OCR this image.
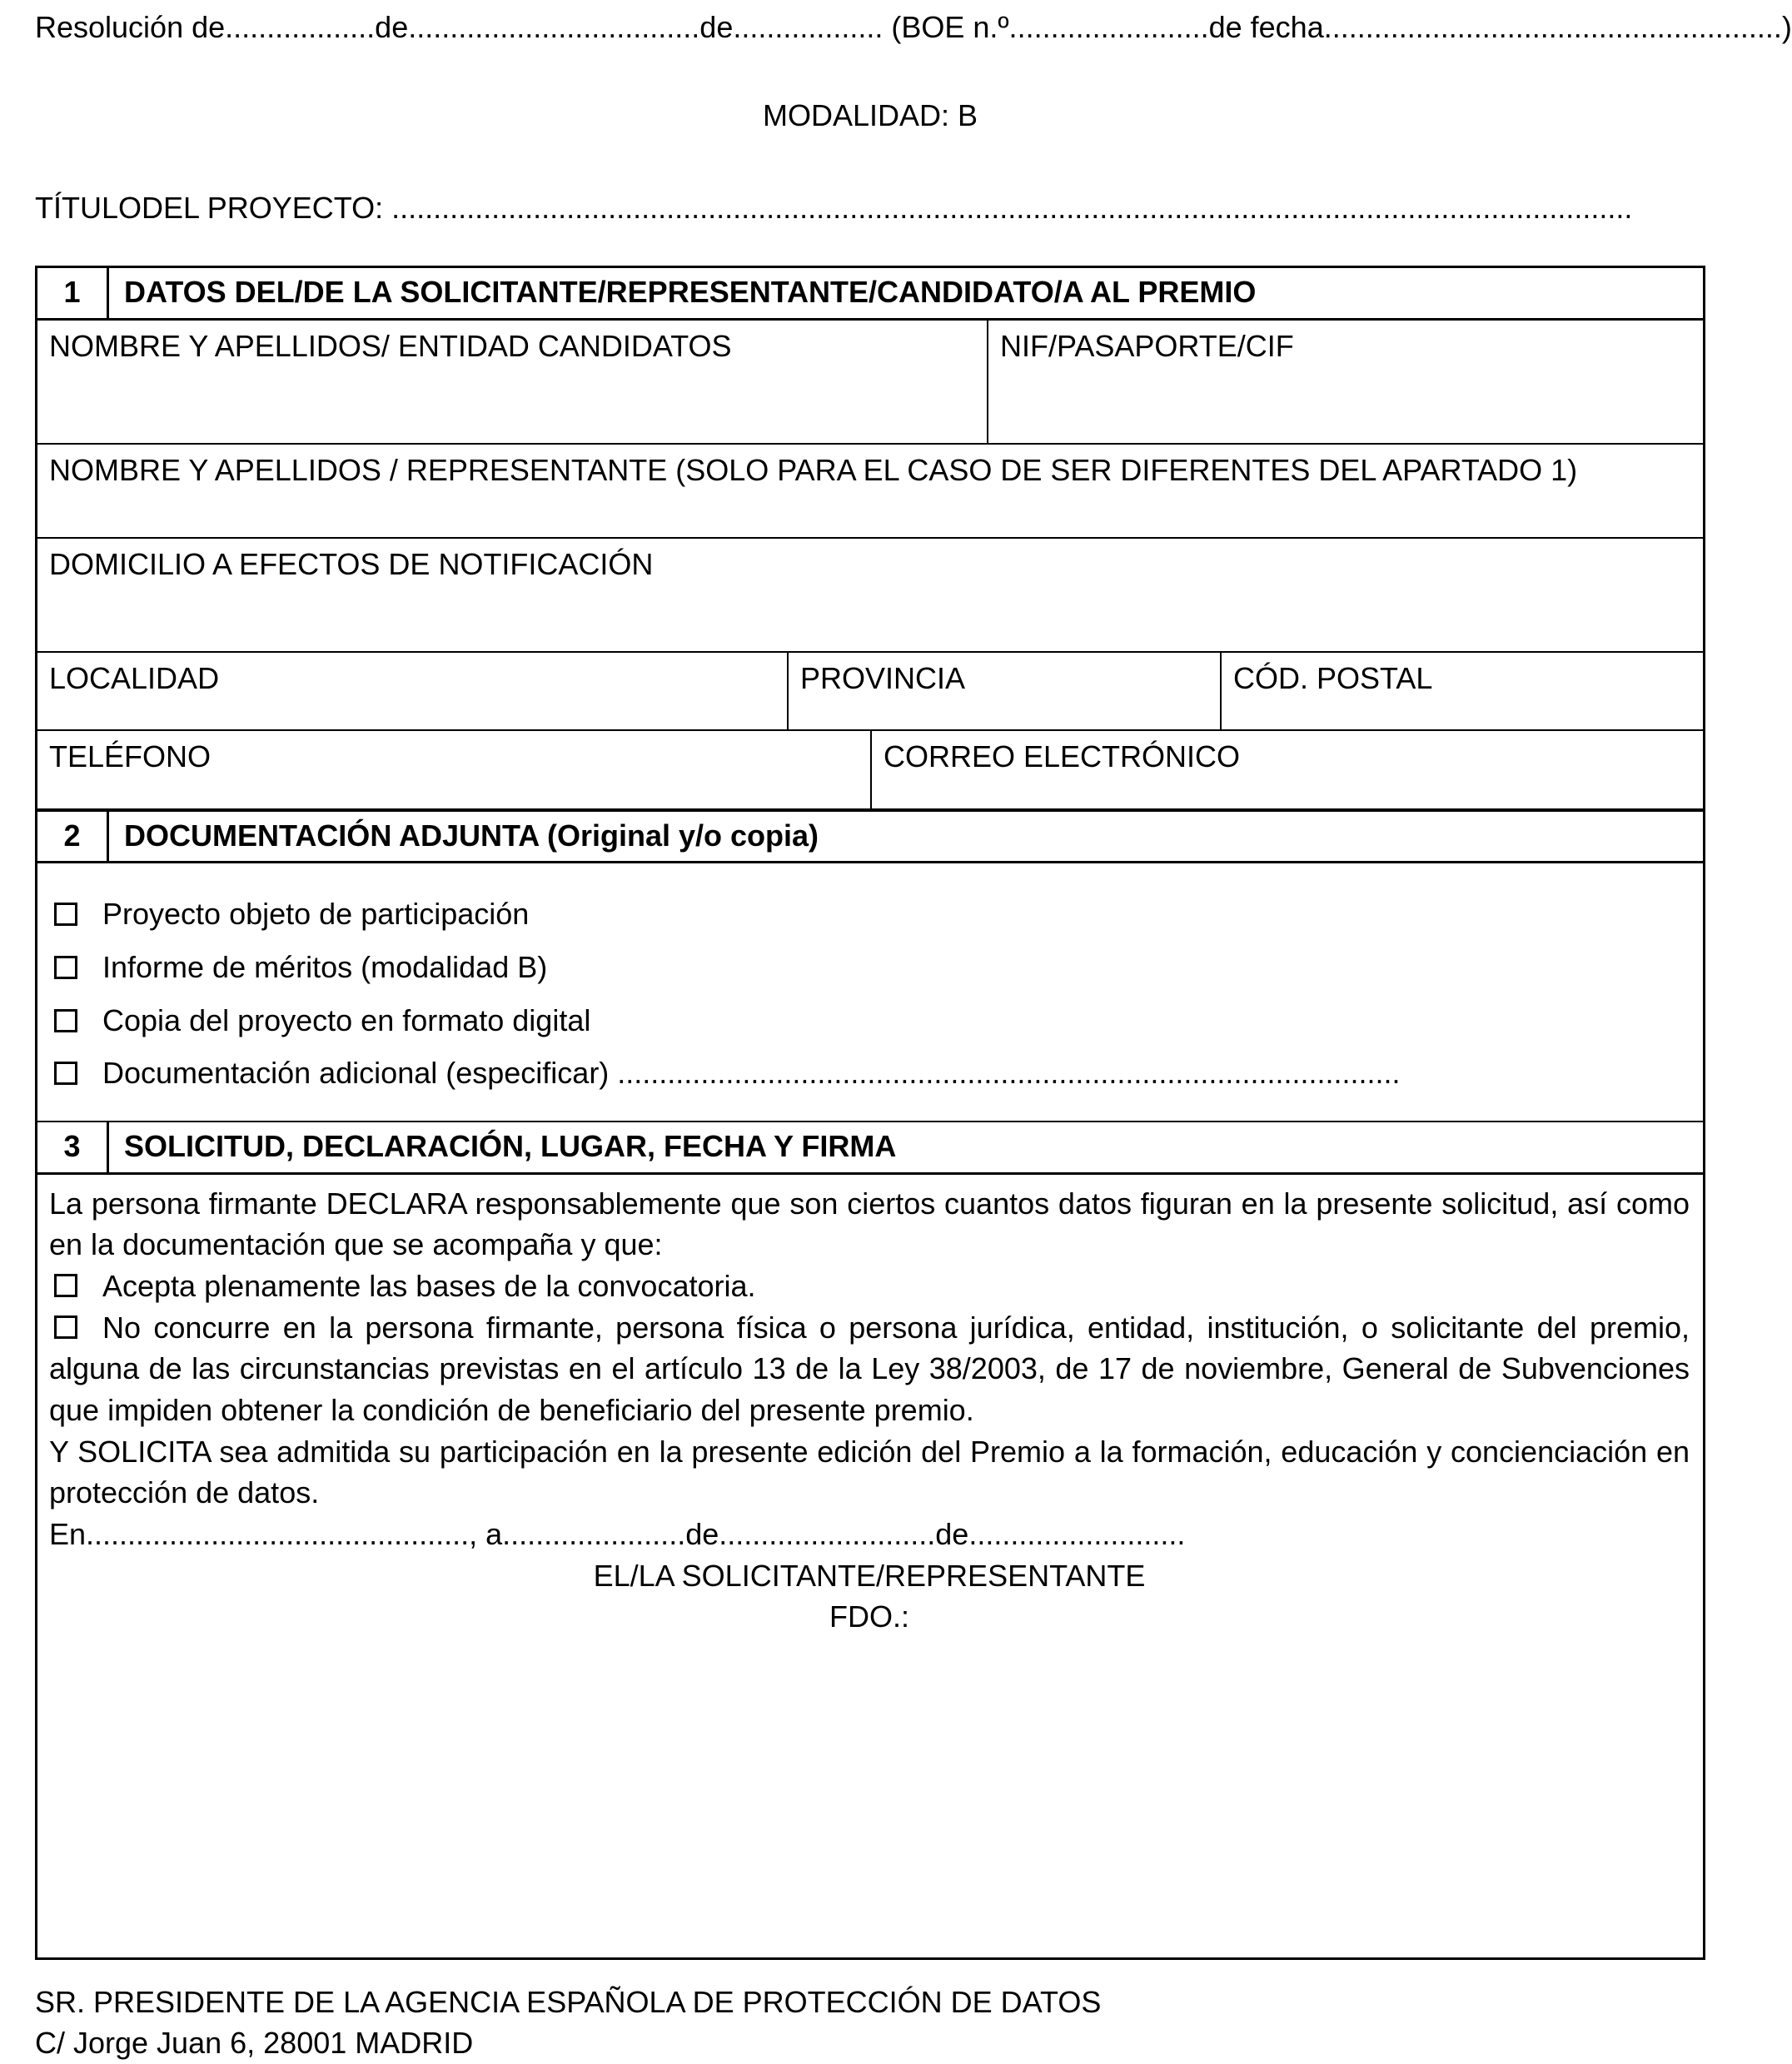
Resolución de..................de...................................de.................. (BOE n.º........................de fecha.......................................................)
MODALIDAD: B
TÍTULODEL PROYECTO: .....................................................................................................................................................
1	DATOS DEL/DE LA SOLICITANTE/REPRESENTANTE/CANDIDATO/A AL PREMIO
NOMBRE Y APELLIDOS/ ENTIDAD CANDIDATOS	NIF/PASAPORTE/CIF
NOMBRE Y APELLIDOS / REPRESENTANTE (SOLO PARA EL CASO DE SER DIFERENTES DEL APARTADO 1)
DOMICILIO A EFECTOS DE NOTIFICACIÓN
LOCALIDAD	PROVINCIA	CÓD. POSTAL
TELÉFONO	CORREO ELECTRÓNICO
2	DOCUMENTACIÓN ADJUNTA (Original y/o copia)
Proyecto objeto de participación
Informe de méritos (modalidad B)
Copia del proyecto en formato digital
Documentación adicional (especificar) ..............................................................................................
3	SOLICITUD, DECLARACIÓN, LUGAR, FECHA Y FIRMA

La persona firmante DECLARA responsablemente que son ciertos cuantos datos figuran en la presente solicitud, así como en la documentación que se acompaña y que:

Acepta plenamente las bases de la convocatoria.

No concurre en la persona firmante, persona física o persona jurídica, entidad, institución, o solicitante del premio, alguna de las circunstancias previstas en el artículo 13 de la Ley 38/2003, de 17 de noviembre, General de Subvenciones que impiden obtener la condición de beneficiario del presente premio.

Y SOLICITA sea admitida su participación en la presente edición del Premio a la formación, educación y concienciación en protección de datos.

En.............................................., a......................de..........................de..........................

EL/LA SOLICITANTE/REPRESENTANTE

FDO.:

SR. PRESIDENTE DE LA AGENCIA ESPAÑOLA DE PROTECCIÓN DE DATOS
C/ Jorge Juan 6, 28001 MADRID
